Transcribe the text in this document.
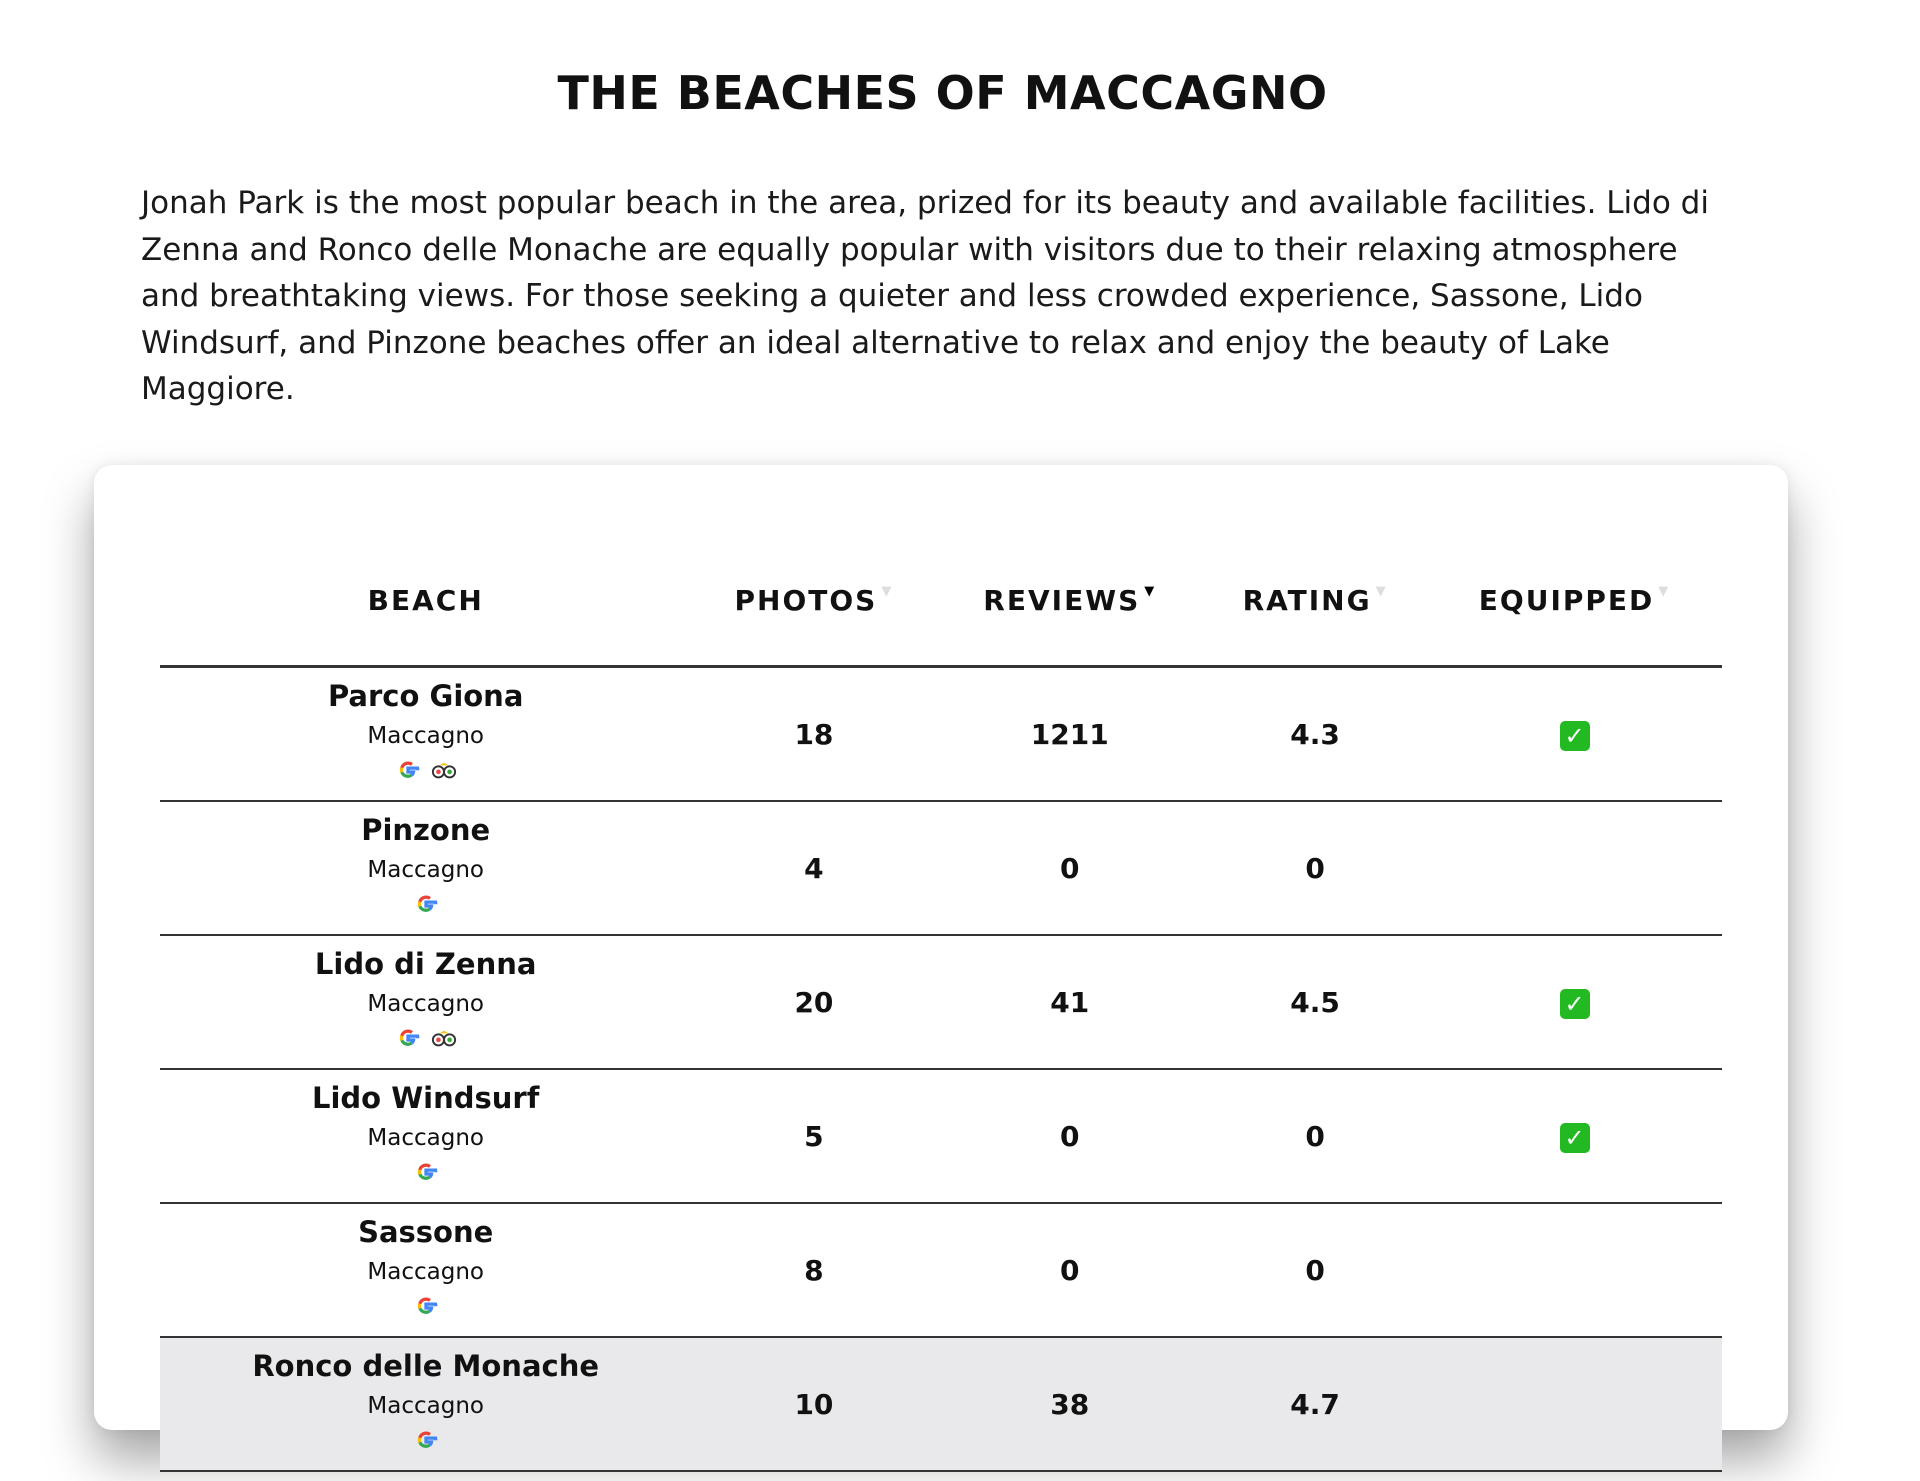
THE BEACHES OF MACCAGNO

Jonah Park is the most popular beach in the area, prized for its beauty and available facilities. Lido di Zenna and Ronco delle Monache are equally popular with visitors due to their relaxing atmosphere and breathtaking views. For those seeking a quieter and less crowded experience, Sassone, Lido Windsurf, and Pinzone beaches offer an ideal alternative to relax and enjoy the beauty of Lake Maggiore.

BEACH	PHOTOS ▼	REVIEWS ▼	RATING ▼	EQUIPPED ▼

Parco Giona
Maccagno	18	1211	4.3	✓

Pinzone
Maccagno	4	0	0	

Lido di Zenna
Maccagno	20	41	4.5	✓

Lido Windsurf
Maccagno	5	0	0	✓

Sassone
Maccagno	8	0	0	

Ronco delle Monache
Maccagno	10	38	4.7	
